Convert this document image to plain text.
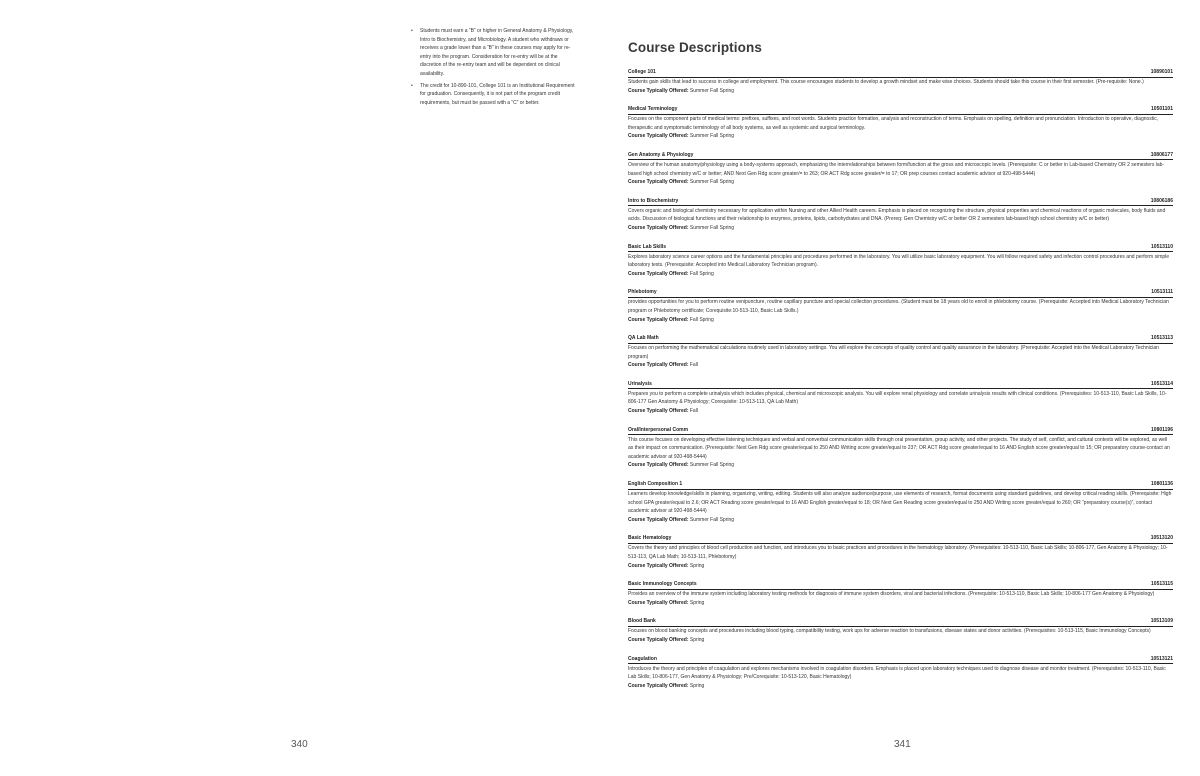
• Students must earn a “B” or higher in General Anatomy & Physiology, Intro to Biochemistry, and Microbiology. A student who withdraws or receives a grade lower than a “B” in these courses may apply for re-entry into the program. Consideration for re-entry will be at the discretion of the re-entry team and will be dependent on clinical availability.
• The credit for 10-890-101, College 101 is an Institutional Requirement for graduation. Consequently, it is not part of the program credit requirements, but must be passed with a “C” or better.
340
Course Descriptions
College 101	10890101
Students gain skills that lead to success in college and employment. This course encourages students to develop a growth mindset and make wise choices. Students should take this course in their first semester. (Pre-requisite: None.)
Course Typically Offered: Summer Fall Spring
Medical Terminology	10501101
Focuses on the component parts of medical terms: prefixes, suffixes, and root words. Students practice formation, analysis and reconstruction of terms. Emphasis on spelling, definition and pronunciation. Introduction to operative, diagnostic, therapeutic and symptomatic terminology of all body systems, as well as systemic and surgical terminology.
Course Typically Offered: Summer Fall Spring
Gen Anatomy & Physiology	10806177
Overview of the human anatomy/physiology using a body-systems approach, emphasizing the interrelationships between form/function at the gross and microscopic levels. (Prerequisite: C or better in Lab-based Chemistry OR 2 semesters lab-based high school chemistry w/C or better; AND Next Gen Rdg score greater/= to 263; OR ACT Rdg score greater/= to 17; OR prep courses contact academic advisor at 920-498-5444)
Course Typically Offered: Summer Fall Spring
Intro to Biochemistry	10806186
Covers organic and biological chemistry necessary for application within Nursing and other Allied Health careers. Emphasis is placed on recognizing the structure, physical properties and chemical reactions of organic molecules, body fluids and acids. Discussion of biological functions and their relationship to enzymes, proteins, lipids, carbohydrates and DNA. (Prereq: Gen Chemistry w/C or better OR 2 semesters lab-based high school chemistry w/C or better)
Course Typically Offered: Summer Fall Spring
Basic Lab Skills	10513110
Explores laboratory science career options and the fundamental principles and procedures performed in the laboratory. You will utilize basic laboratory equipment. You will follow required safety and infection control procedures and perform simple laboratory tests. (Prerequisite: Accepted into Medical Laboratory Technician program).
Course Typically Offered: Fall Spring
Phlebotomy	10513111
provides opportunities for you to perform routine venipuncture, routine capillary puncture and special collection procedures. (Student must be 18 years old to enroll in phlebotomy course. (Prerequisite: Accepted into Medical Laboratory Technician program or Phlebotomy certificate; Corequisite:10-513-110, Basic Lab Skills.)
Course Typically Offered: Fall Spring
QA Lab Math	10513113
Focuses on performing the mathematical calculations routinely used in laboratory settings. You will explore the concepts of quality control and quality assurance in the laboratory. (Prerequisite: Accepted into the Medical Laboratory Technician program)
Course Typically Offered: Fall
Urinalysis	10513114
Prepares you to perform a complete urinalysis which includes physical, chemical and microscopic analysis. You will explore renal physiology and correlate urinalysis results with clinical conditions. (Prerequisites: 10-513-110, Basic Lab Skills, 10-806-177 Gen Anatomy & Physiology; Corequisite: 10-513-113, QA Lab Math)
Course Typically Offered: Fall
Oral/Interpersonal Comm	10801196
This course focuses on developing effective listening techniques and verbal and nonverbal communication skills through oral presentation, group activity, and other projects. The study of self, conflict, and cultural contexts will be explored, as well as their impact on communication. (Prerequisite: Next Gen Rdg score greater/equal to 250 AND Writing score greater/equal to 237; OR ACT Rdg score greater/equal to 16 AND English score greater/equal to 15; OR preparatory course-contact an academic advisor at 920-498-5444)
Course Typically Offered: Summer Fall Spring
English Composition 1	10801136
Learners develop knowledge/skills in planning, organizing, writing, editing. Students will also analyze audience/purpose, use elements of research, format documents using standard guidelines, and develop critical reading skills. (Prerequisite: High school GPA greater/equal to 2.6; OR ACT Reading score greater/equal to 16 AND English greater/equal to 18; OR Next Gen Reading score greater/equal to 250 AND Writing score greater/equal to 260; OR “preparatory course(s)”, contact academic advisor at 920-498-5444)
Course Typically Offered: Summer Fall Spring
Basic Hematology	10513120
Covers the theory and principles of blood cell production and function, and introduces you to basic practices and procedures in the hematology laboratory. (Prerequisites: 10-513-110, Basic Lab Skills; 10-806-177, Gen Anatomy & Physiology; 10-513-113, QA Lab Math; 10-513-111, Phlebotomy)
Course Typically Offered: Spring
Basic Immunology Concepts	10513115
Provides an overview of the immune system including laboratory testing methods for diagnosis of immune system disorders, viral and bacterial infections. (Prerequisite: 10-513-110, Basic Lab Skills; 10-806-177 Gen Anatomy & Physiology)
Course Typically Offered: Spring
Blood Bank	10513109
Focuses on blood banking concepts and procedures including blood typing, compatibility testing, work ups for adverse reaction to transfusions, disease states and donor activities. (Prerequisites: 10-513-115, Basic Immunology Concepts)
Course Typically Offered: Spring
Coagulation	10513121
Introduces the theory and principles of coagulation and explores mechanisms involved in coagulation disorders. Emphasis is placed upon laboratory techniques used to diagnose disease and monitor treatment. (Prerequisites: 10-513-110, Basic Lab Skills; 10-806-177, Gen Anatomy & Physiology; Pre/Corequisite: 10-513-120, Basic Hematology)
Course Typically Offered: Spring
341
